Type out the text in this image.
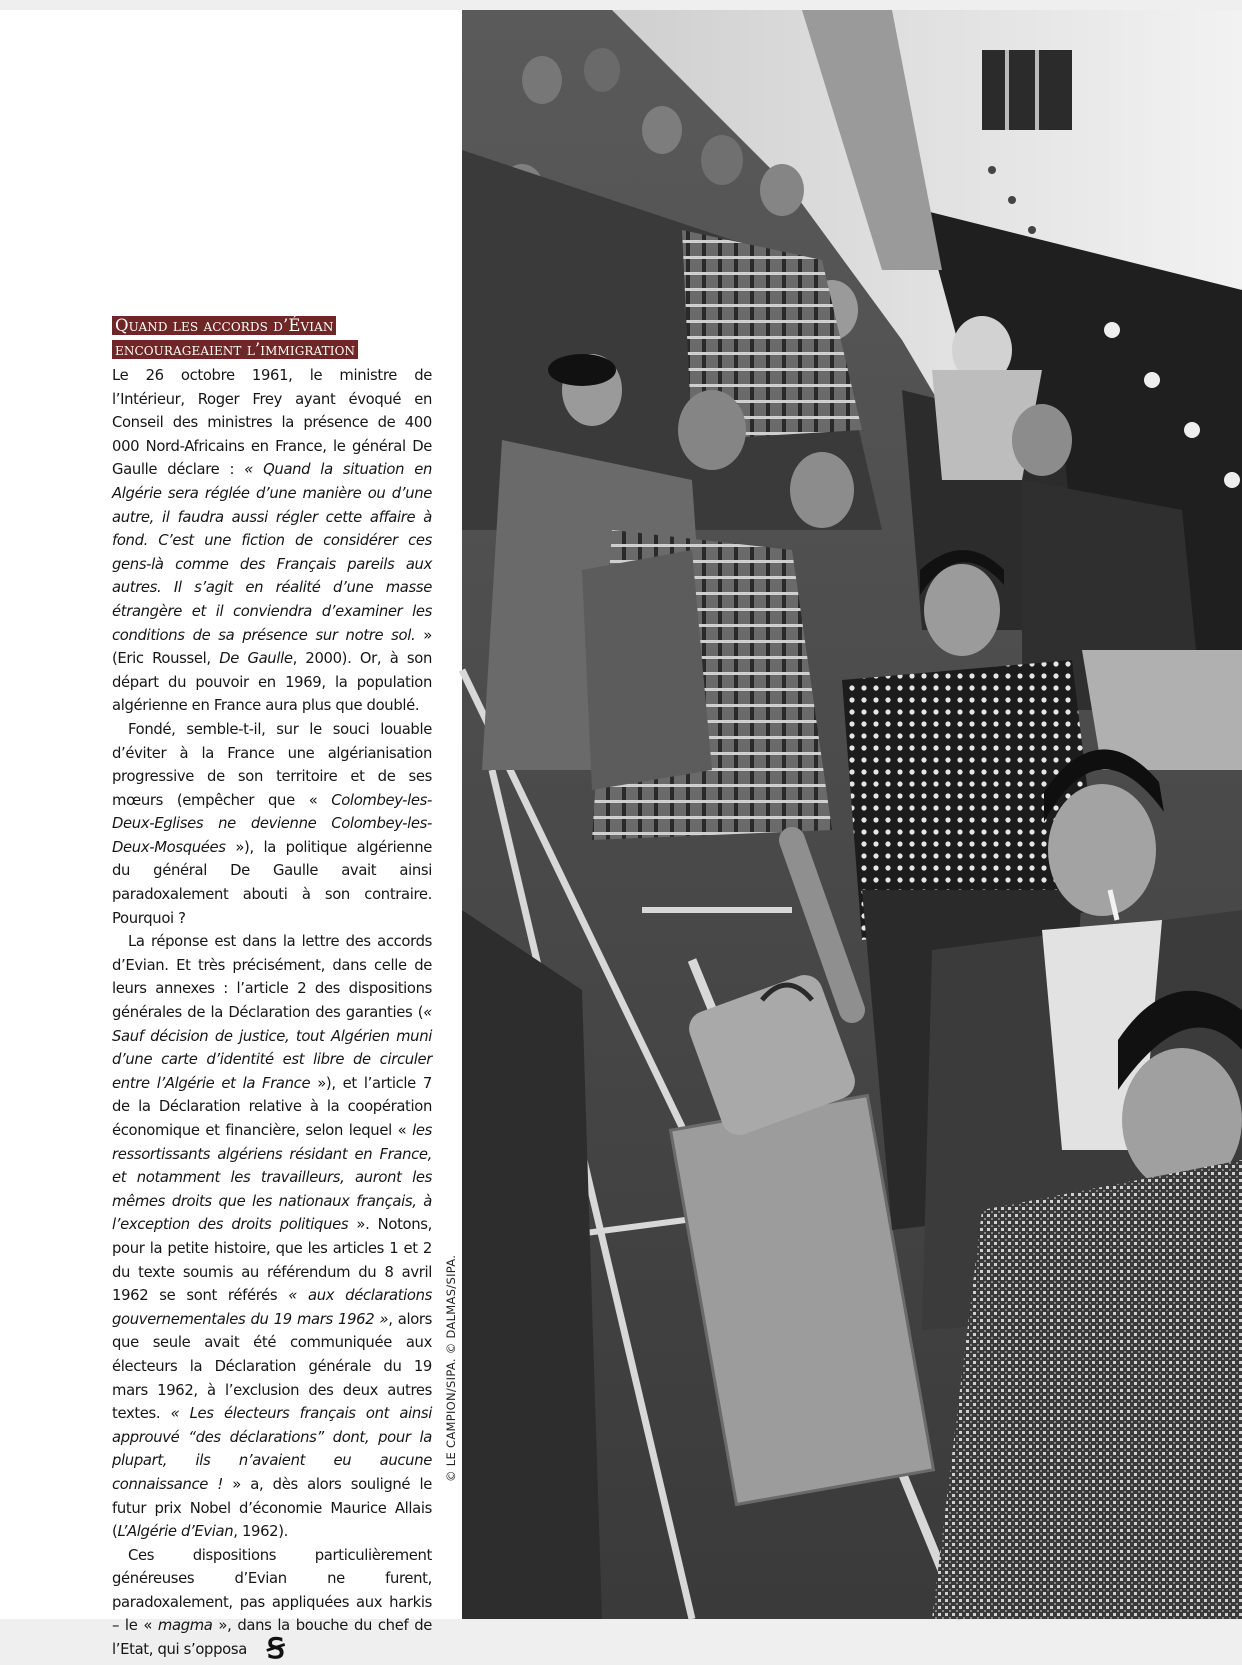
Quand les accords d’Évian
encourageaient l’immigration

Le 26 octobre 1961, le ministre de l’Intérieur, Roger Frey ayant évoqué en Conseil des ministres la présence de 400 000 Nord-Africains en France, le général De Gaulle déclare : « Quand la situation en Algérie sera réglée d’une manière ou d’une autre, il faudra aussi régler cette affaire à fond. C’est une fiction de considérer ces gens-là comme des Français pareils aux autres. Il s’agit en réalité d’une masse étrangère et il conviendra d’examiner les conditions de sa présence sur notre sol. » (Eric Roussel, De Gaulle, 2000). Or, à son départ du pouvoir en 1969, la population algérienne en France aura plus que doublé.

Fondé, semble-t-il, sur le souci louable d’éviter à la France une algérianisation progressive de son territoire et de ses mœurs (empêcher que « Colombey-les-Deux-Eglises ne devienne Colombey-les-Deux-Mosquées »), la politique algérienne du général De Gaulle avait ainsi paradoxalement abouti à son contraire. Pourquoi ?

La réponse est dans la lettre des accords d’Evian. Et très précisément, dans celle de leurs annexes : l’article 2 des dispositions générales de la Déclaration des garanties (« Sauf décision de justice, tout Algérien muni d’une carte d’identité est libre de circuler entre l’Algérie et la France »), et l’article 7 de la Déclaration relative à la coopération économique et financière, selon lequel « les ressortissants algériens résidant en France, et notamment les travailleurs, auront les mêmes droits que les nationaux français, à l’exception des droits politiques ». Notons, pour la petite histoire, que les articles 1 et 2 du texte soumis au référendum du 8 avril 1962 se sont référés « aux déclarations gouvernementales du 19 mars 1962 », alors que seule avait été communiquée aux électeurs la Déclaration générale du 19 mars 1962, à l’exclusion des deux autres textes. « Les électeurs français ont ainsi approuvé “des déclarations” dont, pour la plupart, ils n’avaient eu aucune connaissance ! » a, dès alors souligné le futur prix Nobel d’économie Maurice Allais (L’Algérie d’Evian, 1962).

Ces dispositions particulièrement généreuses d’Evian ne furent, paradoxalement, pas appliquées aux harkis – le « magma », dans la bouche du chef de l’Etat, qui s’opposa Ꞩ

© LE CAMPION/SIPA. © DALMAS/SIPA.
